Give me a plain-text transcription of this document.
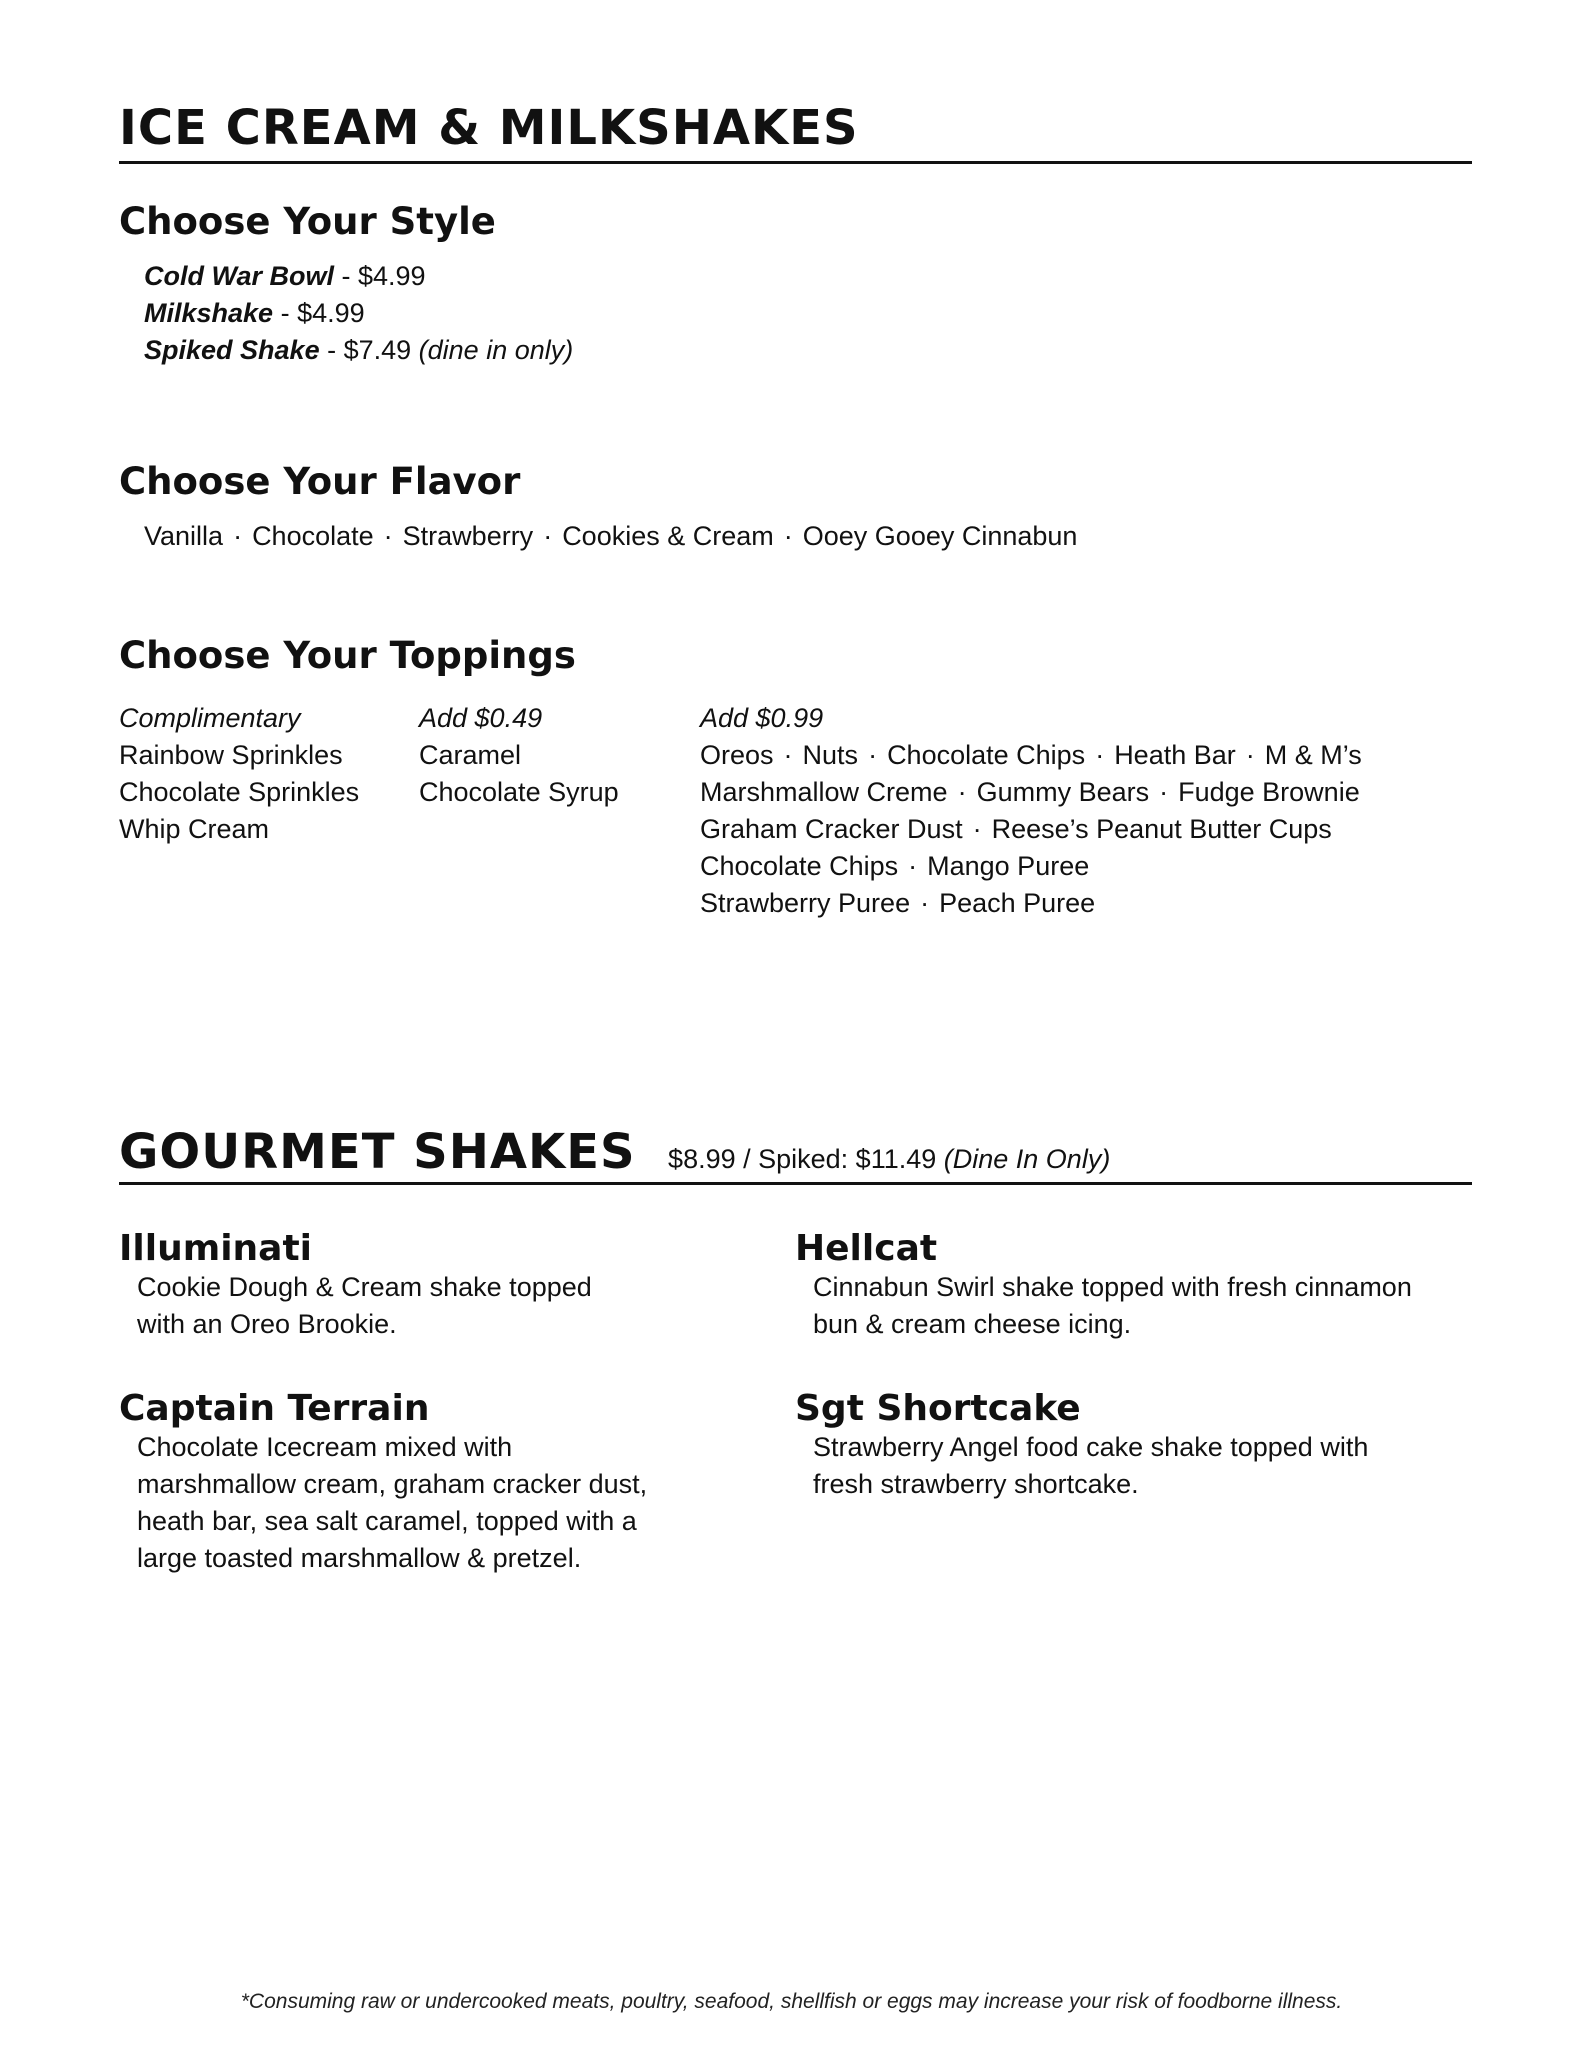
ICE CREAM & MILKSHAKES
Choose Your Style
Cold War Bowl - $4.99
Milkshake - $4.99
Spiked Shake - $7.49 (dine in only)
Choose Your Flavor
Vanilla · Chocolate · Strawberry · Cookies & Cream · Ooey Gooey Cinnabun
Choose Your Toppings
Complimentary
Rainbow Sprinkles
Chocolate Sprinkles
Whip Cream
Add $0.49
Caramel
Chocolate Syrup
Add $0.99
Oreos · Nuts · Chocolate Chips · Heath Bar · M & M’s
Marshmallow Creme · Gummy Bears · Fudge Brownie
Graham Cracker Dust · Reese’s Peanut Butter Cups
Chocolate Chips · Mango Puree
Strawberry Puree · Peach Puree
GOURMET SHAKES $8.99 / Spiked: $11.49 (Dine In Only)
Illuminati
Cookie Dough & Cream shake topped with an Oreo Brookie.
Hellcat
Cinnabun Swirl shake topped with fresh cinnamon bun & cream cheese icing.
Captain Terrain
Chocolate Icecream mixed with marshmallow cream, graham cracker dust, heath bar, sea salt caramel, topped with a large toasted marshmallow & pretzel.
Sgt Shortcake
Strawberry Angel food cake shake topped with fresh strawberry shortcake.
*Consuming raw or undercooked meats, poultry, seafood, shellfish or eggs may increase your risk of foodborne illness.
